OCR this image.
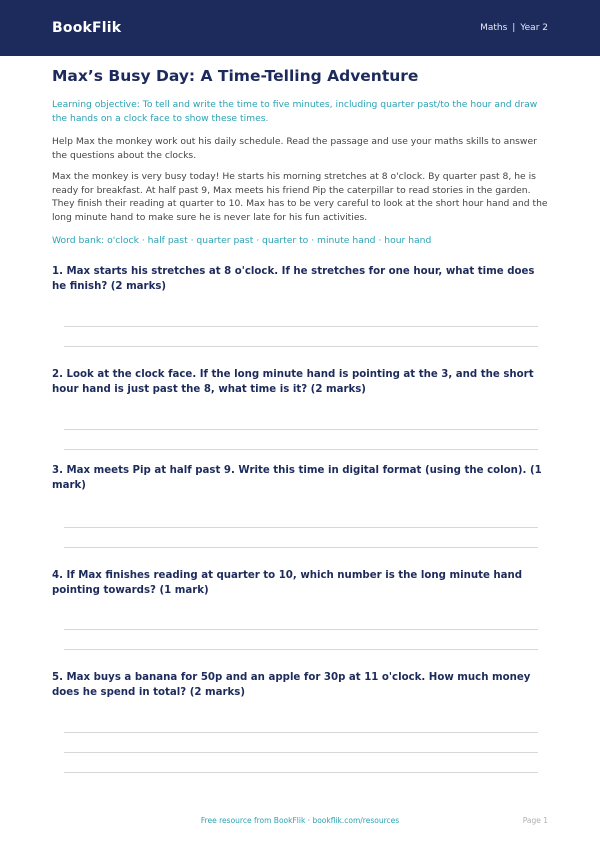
BookFlik	Maths | Year 2
Max’s Busy Day: A Time-Telling Adventure
Learning objective: To tell and write the time to five minutes, including quarter past/to the hour and draw the hands on a clock face to show these times.
Help Max the monkey work out his daily schedule. Read the passage and use your maths skills to answer the questions about the clocks.
Max the monkey is very busy today! He starts his morning stretches at 8 o'clock. By quarter past 8, he is ready for breakfast. At half past 9, Max meets his friend Pip the caterpillar to read stories in the garden. They finish their reading at quarter to 10. Max has to be very careful to look at the short hour hand and the long minute hand to make sure he is never late for his fun activities.
Word bank: o'clock · half past · quarter past · quarter to · minute hand · hour hand
1. Max starts his stretches at 8 o'clock. If he stretches for one hour, what time does he finish? (2 marks)
2. Look at the clock face. If the long minute hand is pointing at the 3, and the short hour hand is just past the 8, what time is it? (2 marks)
3. Max meets Pip at half past 9. Write this time in digital format (using the colon). (1 mark)
4. If Max finishes reading at quarter to 10, which number is the long minute hand pointing towards? (1 mark)
5. Max buys a banana for 50p and an apple for 30p at 11 o'clock. How much money does he spend in total? (2 marks)
Free resource from BookFlik · bookflik.com/resources	Page 1
